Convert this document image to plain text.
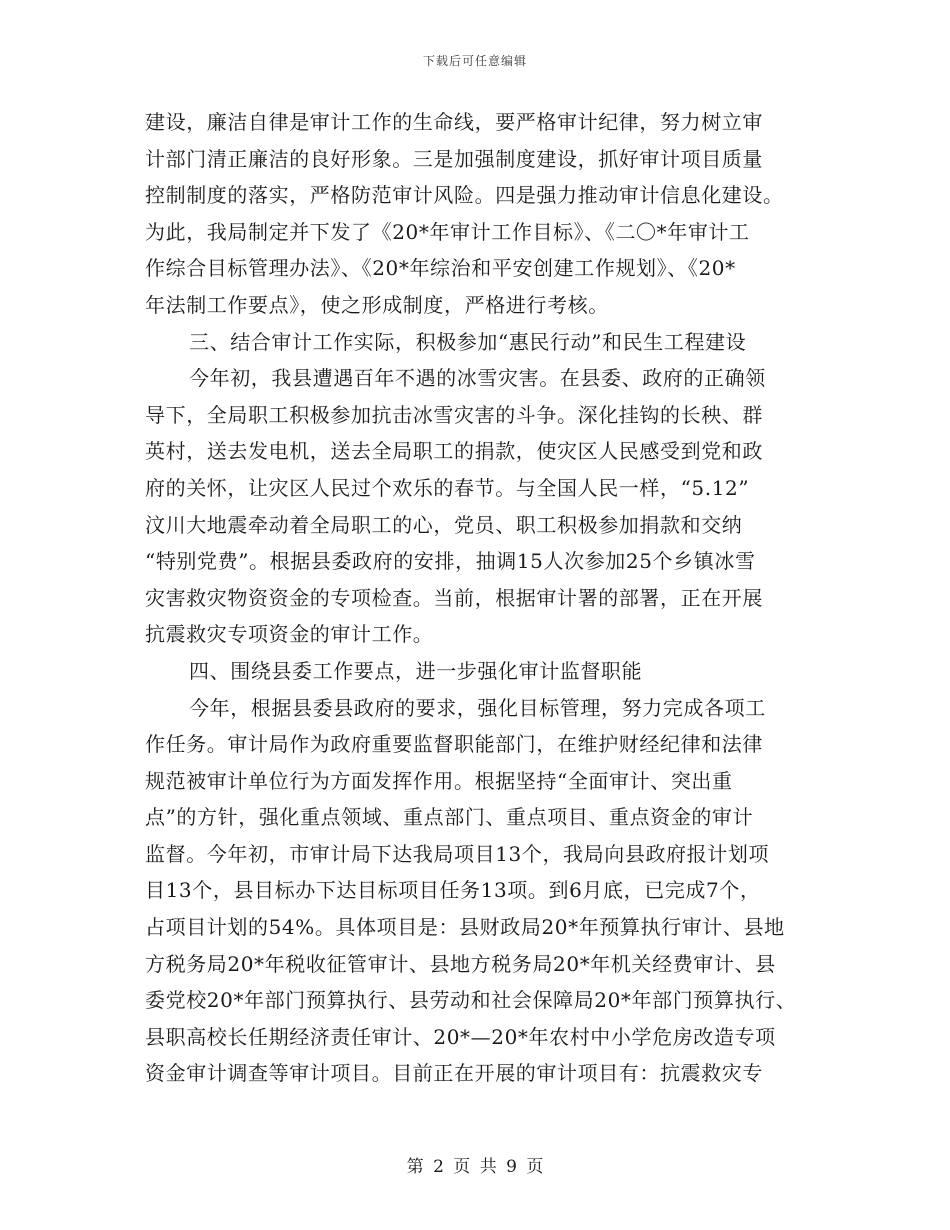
下载后可任意编辑
建设，廉洁自律是审计工作的生命线，要严格审计纪律，努力树立审
计部门清正廉洁的良好形象。三是加强制度建设，抓好审计项目质量
控制制度的落实，严格防范审计风险。四是强力推动审计信息化建设。
为此，我局制定并下发了《20*年审计工作目标》、《二〇*年审计工
作综合目标管理办法》、《20*年综治和平安创建工作规划》、《20*
年法制工作要点》，使之形成制度，严格进行考核。
三、结合审计工作实际，积极参加“惠民行动”和民生工程建设
今年初，我县遭遇百年不遇的冰雪灾害。在县委、政府的正确领
导下，全局职工积极参加抗击冰雪灾害的斗争。深化挂钩的长秧、群
英村，送去发电机，送去全局职工的捐款，使灾区人民感受到党和政
府的关怀，让灾区人民过个欢乐的春节。与全国人民一样，“5.12”
汶川大地震牵动着全局职工的心，党员、职工积极参加捐款和交纳
“特别党费”。根据县委政府的安排，抽调15人次参加25个乡镇冰雪
灾害救灾物资资金的专项检查。当前，根据审计署的部署，正在开展
抗震救灾专项资金的审计工作。
四、围绕县委工作要点，进一步强化审计监督职能
今年，根据县委县政府的要求，强化目标管理，努力完成各项工
作任务。审计局作为政府重要监督职能部门，在维护财经纪律和法律
规范被审计单位行为方面发挥作用。根据坚持“全面审计、突出重
点”的方针，强化重点领域、重点部门、重点项目、重点资金的审计
监督。今年初，市审计局下达我局项目13个，我局向县政府报计划项
目13个，县目标办下达目标项目任务13项。到6月底，已完成7个，
占项目计划的54%。具体项目是：县财政局20*年预算执行审计、县地
方税务局20*年税收征管审计、县地方税务局20*年机关经费审计、县
委党校20*年部门预算执行、县劳动和社会保障局20*年部门预算执行、
县职高校长任期经济责任审计、20*—20*年农村中小学危房改造专项
资金审计调查等审计项目。目前正在开展的审计项目有：抗震救灾专
第 2 页 共 9 页
